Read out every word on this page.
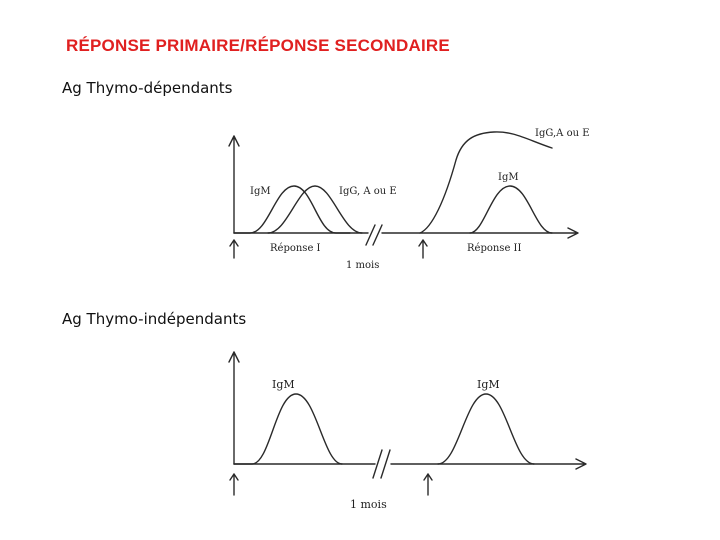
RÉPONSE PRIMAIRE/RÉPONSE SECONDAIRE
Ag Thymo-dépendants
Ag Thymo-indépendants
IgM	IgG, A ou E
IgG,A ou E
IgM
Réponse I	Réponse II
1 mois
IgM	IgM
1 mois
